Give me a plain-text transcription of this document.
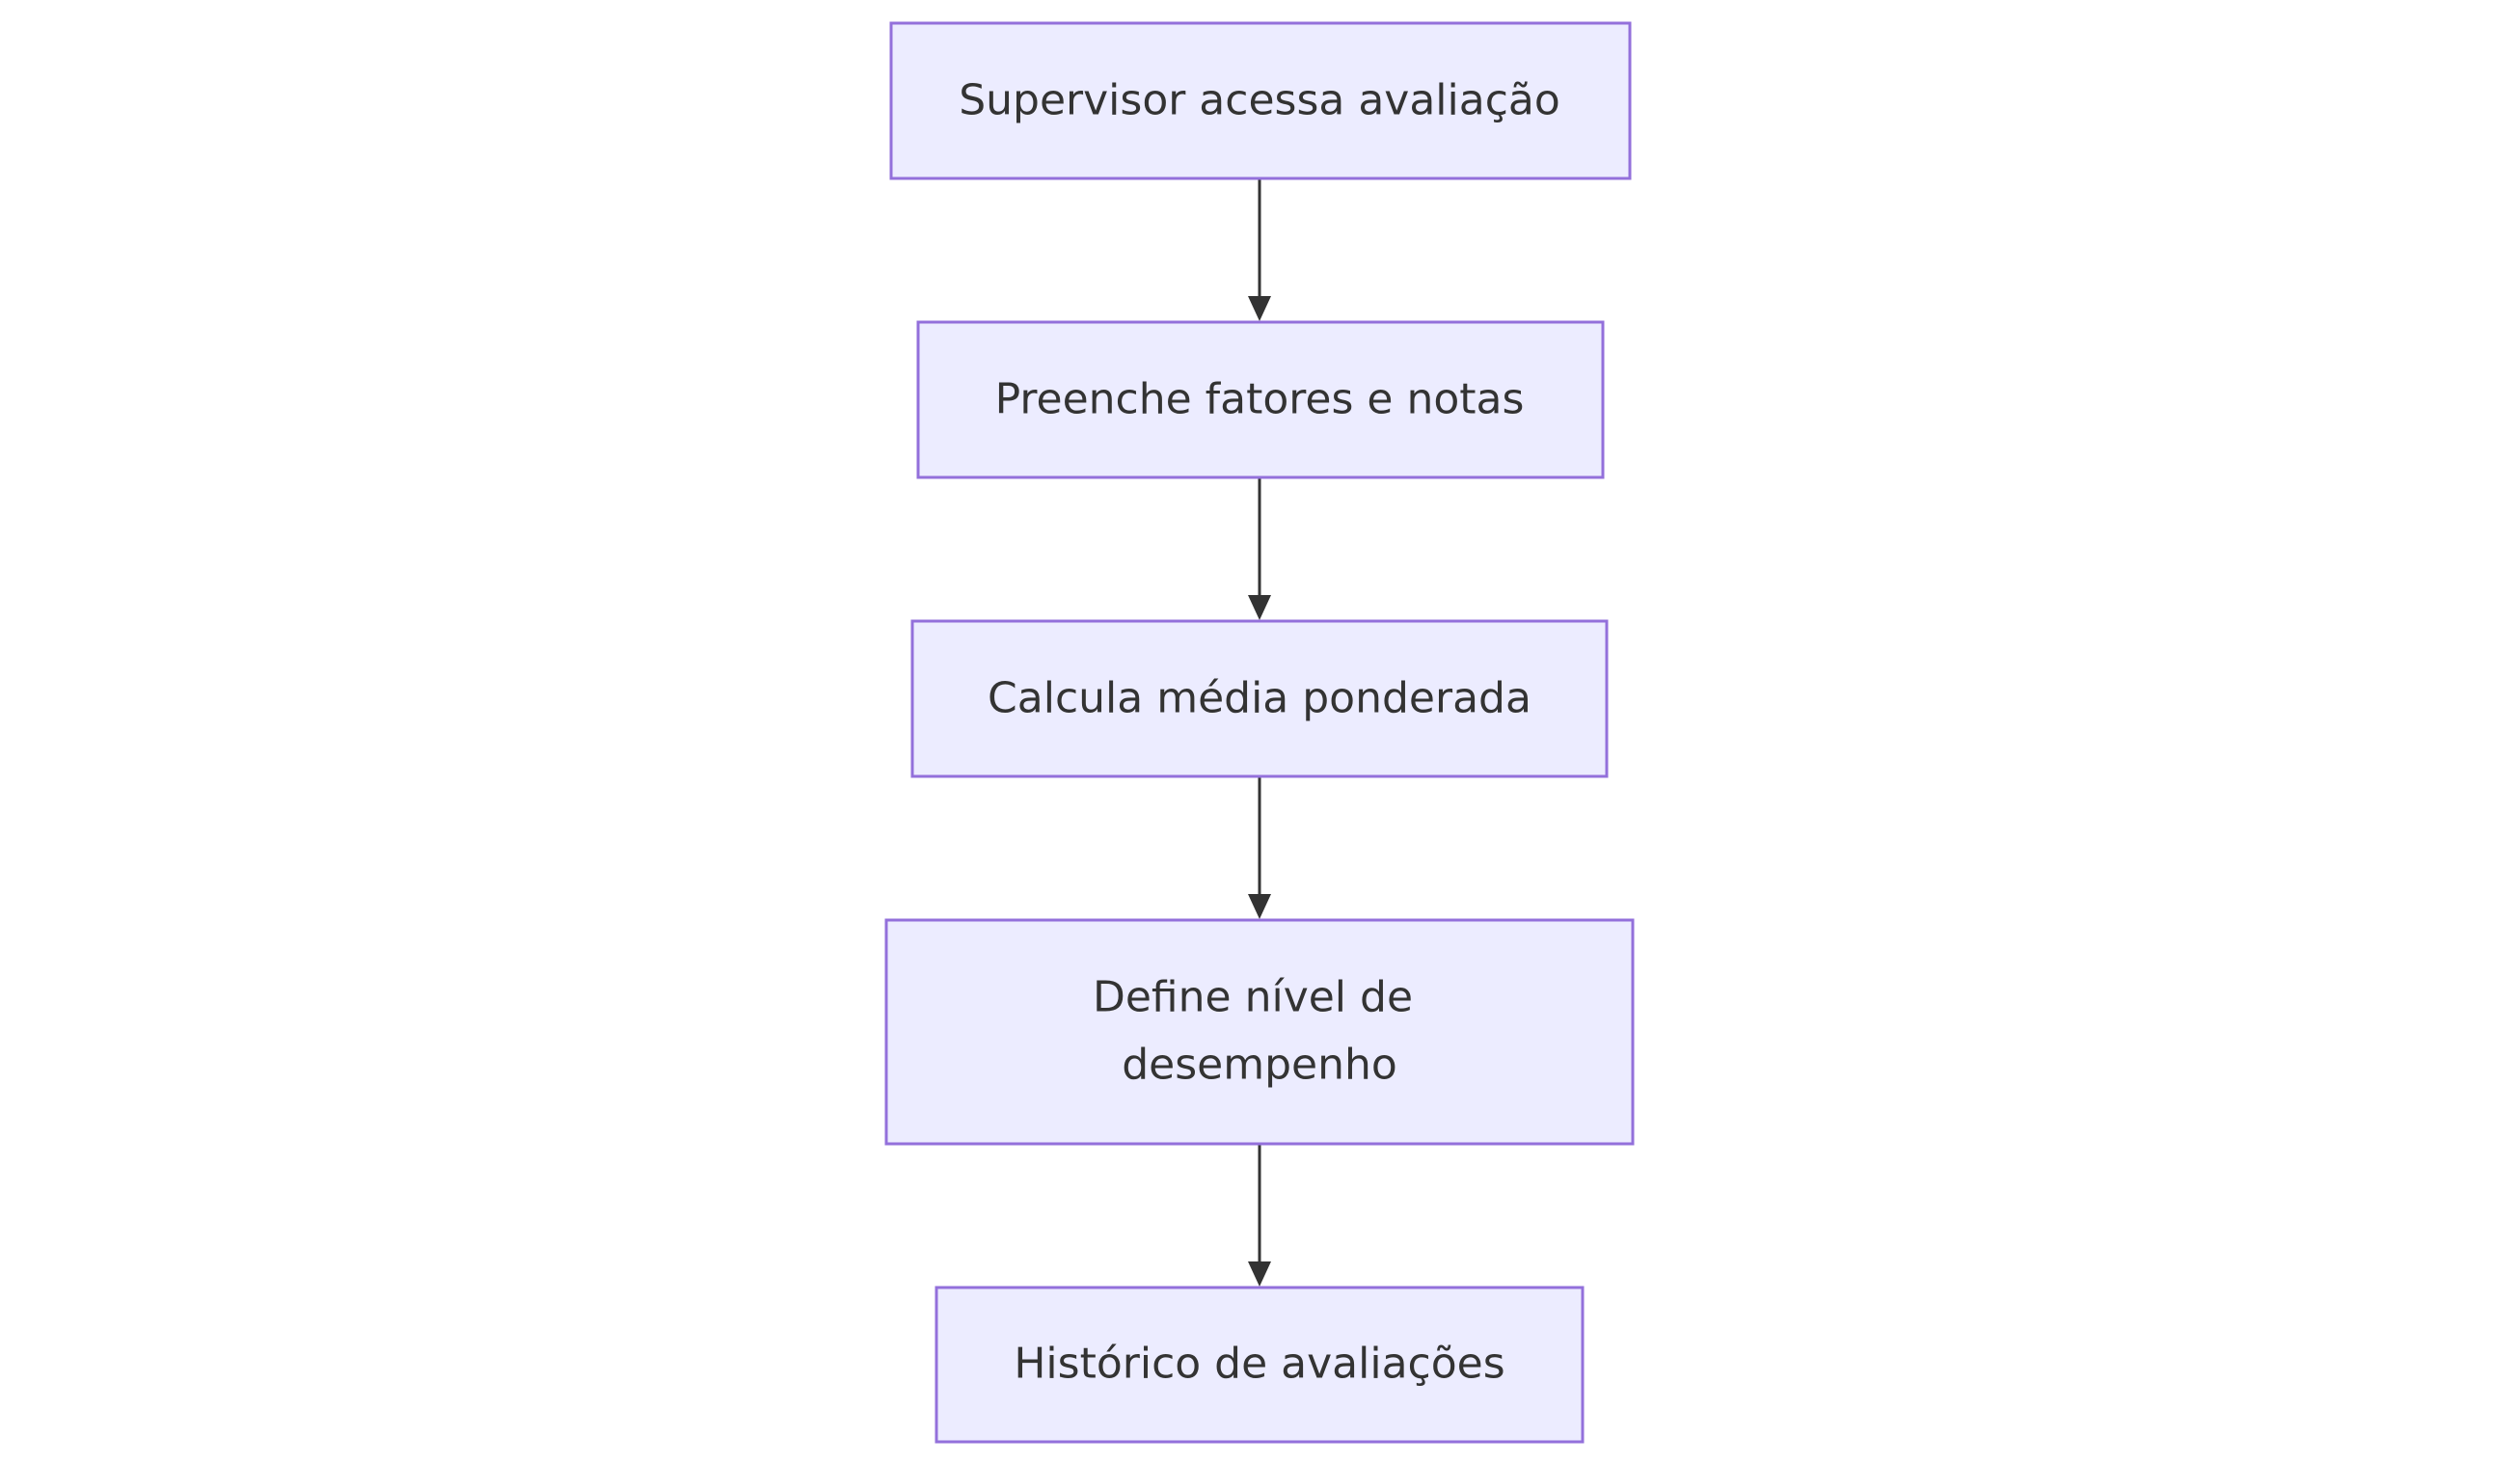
Supervisor acessa avaliação
Preenche fatores e notas
Calcula média ponderada
Define nível de
desempenho
Histórico de avaliações
